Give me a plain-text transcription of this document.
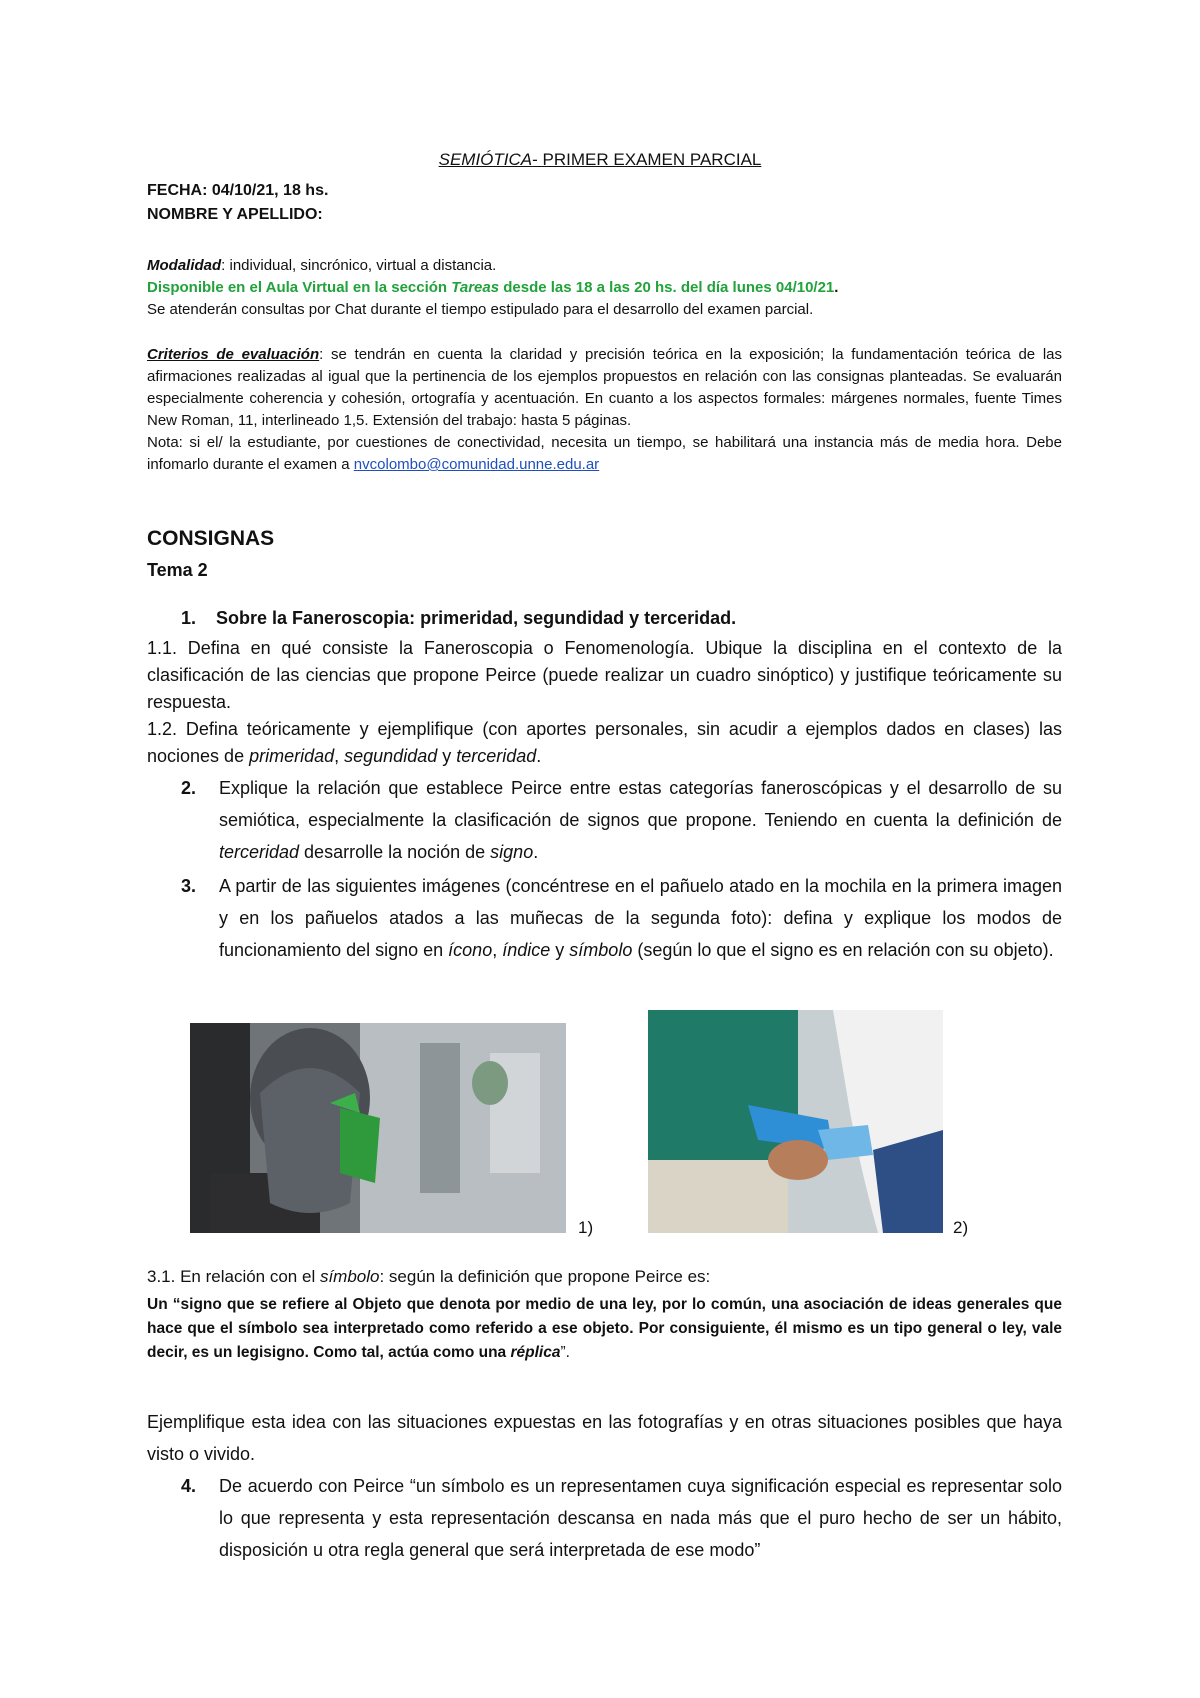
SEMIÓTICA- PRIMER EXAMEN PARCIAL
FECHA: 04/10/21, 18 hs.
NOMBRE Y APELLIDO:
Modalidad: individual, sincrónico, virtual a distancia.
Disponible en el Aula Virtual en la sección Tareas desde las 18 a las 20 hs. del día lunes 04/10/21.
Se atenderán consultas por Chat durante el tiempo estipulado para el desarrollo del examen parcial.
Criterios de evaluación: se tendrán en cuenta la claridad y precisión teórica en la exposición; la fundamentación teórica de las afirmaciones realizadas al igual que la pertinencia de los ejemplos propuestos en relación con las consignas planteadas. Se evaluarán especialmente coherencia y cohesión, ortografía y acentuación. En cuanto a los aspectos formales: márgenes normales, fuente Times New Roman, 11, interlineado 1,5. Extensión del trabajo: hasta 5 páginas.
Nota: si el/ la estudiante, por cuestiones de conectividad, necesita un tiempo, se habilitará una instancia más de media hora. Debe infomarlo durante el examen a nvcolombo@comunidad.unne.edu.ar
CONSIGNAS
Tema 2
1. Sobre la Faneroscopia: primeridad, segundidad y terceridad.
1.1. Defina en qué consiste la Faneroscopia o Fenomenología. Ubique la disciplina en el contexto de la clasificación de las ciencias que propone Peirce (puede realizar un cuadro sinóptico) y justifique teóricamente su respuesta.
1.2. Defina teóricamente y ejemplifique (con aportes personales, sin acudir a ejemplos dados en clases) las nociones de primeridad, segundidad y terceridad.
2. Explique la relación que establece Peirce entre estas categorías faneroscópicas y el desarrollo de su semiótica, especialmente la clasificación de signos que propone. Teniendo en cuenta la definición de terceridad desarrolle la noción de signo.
3. A partir de las siguientes imágenes (concéntrese en el pañuelo atado en la mochila en la primera imagen y en los pañuelos atados a las muñecas de la segunda foto): defina y explique los modos de funcionamiento del signo en ícono, índice y símbolo (según lo que el signo es en relación con su objeto).
1)	2)
3.1. En relación con el símbolo: según la definición que propone Peirce es:
Un “signo que se refiere al Objeto que denota por medio de una ley, por lo común, una asociación de ideas generales que hace que el símbolo sea interpretado como referido a ese objeto. Por consiguiente, él mismo es un tipo general o ley, vale decir, es un legisigno. Como tal, actúa como una réplica”.
Ejemplifique esta idea con las situaciones expuestas en las fotografías y en otras situaciones posibles que haya visto o vivido.
4. De acuerdo con Peirce “un símbolo es un representamen cuya significación especial es representar solo lo que representa y esta representación descansa en nada más que el puro hecho de ser un hábito, disposición u otra regla general que será interpretada de ese modo”
